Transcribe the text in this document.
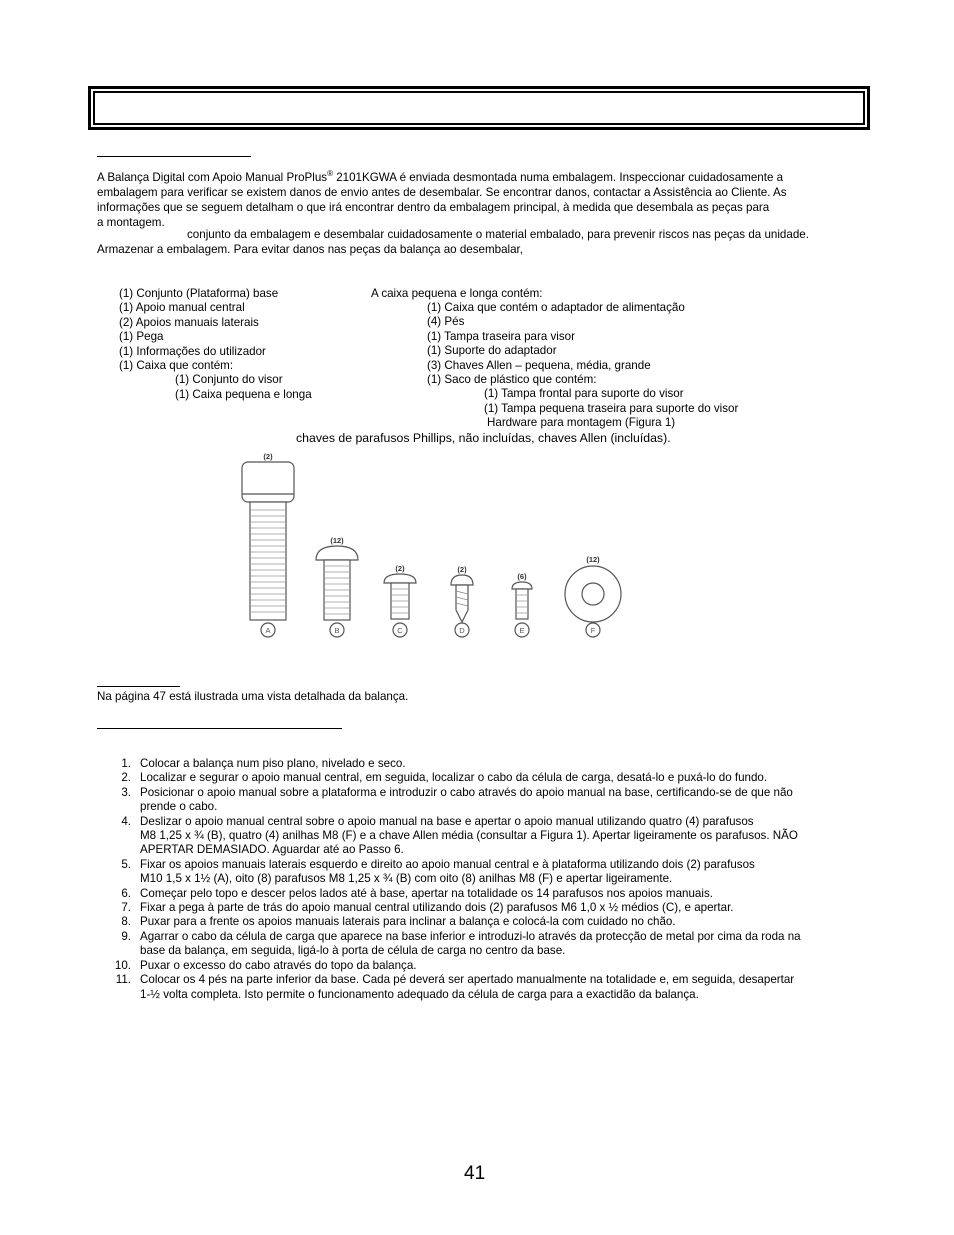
A Balança Digital com Apoio Manual ProPlus® 2101KGWA é enviada desmontada numa embalagem. Inspeccionar cuidadosamente a
embalagem para verificar se existem danos de envio antes de desembalar. Se encontrar danos, contactar a Assistência ao Cliente. As
informações que se seguem detalham o que irá encontrar dentro da embalagem principal, à medida que desembala as peças para
a montagem.
conjunto da embalagem e desembalar cuidadosamente o material embalado, para prevenir riscos nas peças da unidade.
Armazenar a embalagem. Para evitar danos nas peças da balança ao desembalar,
(1) Conjunto (Plataforma) base
(1) Apoio manual central
(2) Apoios manuais laterais
(1) Pega
(1) Informações do utilizador
(1) Caixa que contém:
(1) Conjunto do visor
(1) Caixa pequena e longa
A caixa pequena e longa contém:
(1) Caixa que contém o adaptador de alimentação
(4) Pés
(1) Tampa traseira para visor
(1) Suporte do adaptador
(3) Chaves Allen – pequena, média, grande
(1) Saco de plástico que contém:
(1) Tampa frontal para suporte do visor
(1) Tampa pequena traseira para suporte do visor
Hardware para montagem (Figura 1)
chaves de parafusos Phillips, não incluídas, chaves Allen (incluídas).
(2)
(12)
(2)	(2)
(6)
(12)
A	B	C	D	E	F
Na página 47 está ilustrada uma vista detalhada da balança.
1. Colocar a balança num piso plano, nivelado e seco.
2. Localizar e segurar o apoio manual central, em seguida, localizar o cabo da célula de carga, desatá-lo e puxá-lo do fundo.
3. Posicionar o apoio manual sobre a plataforma e introduzir o cabo através do apoio manual na base, certificando-se de que não
prende o cabo.
4. Deslizar o apoio manual central sobre o apoio manual na base e apertar o apoio manual utilizando quatro (4) parafusos
M8 1,25 x ¾ (B), quatro (4) anilhas M8 (F) e a chave Allen média (consultar a Figura 1). Apertar ligeiramente os parafusos. NÃO
APERTAR DEMASIADO. Aguardar até ao Passo 6.
5. Fixar os apoios manuais laterais esquerdo e direito ao apoio manual central e à plataforma utilizando dois (2) parafusos
M10 1,5 x 1½ (A), oito (8) parafusos M8 1,25 x ¾ (B) com oito (8) anilhas M8 (F) e apertar ligeiramente.
6. Começar pelo topo e descer pelos lados até à base, apertar na totalidade os 14 parafusos nos apoios manuais.
7. Fixar a pega à parte de trás do apoio manual central utilizando dois (2) parafusos M6 1,0 x ½ médios (C), e apertar.
8. Puxar para a frente os apoios manuais laterais para inclinar a balança e colocá-la com cuidado no chão.
9. Agarrar o cabo da célula de carga que aparece na base inferior e introduzi-lo através da protecção de metal por cima da roda na
base da balança, em seguida, ligá-lo à porta de célula de carga no centro da base.
10. Puxar o excesso do cabo através do topo da balança.
11. Colocar os 4 pés na parte inferior da base. Cada pé deverá ser apertado manualmente na totalidade e, em seguida, desapertar
1-½ volta completa. Isto permite o funcionamento adequado da célula de carga para a exactidão da balança.
41
